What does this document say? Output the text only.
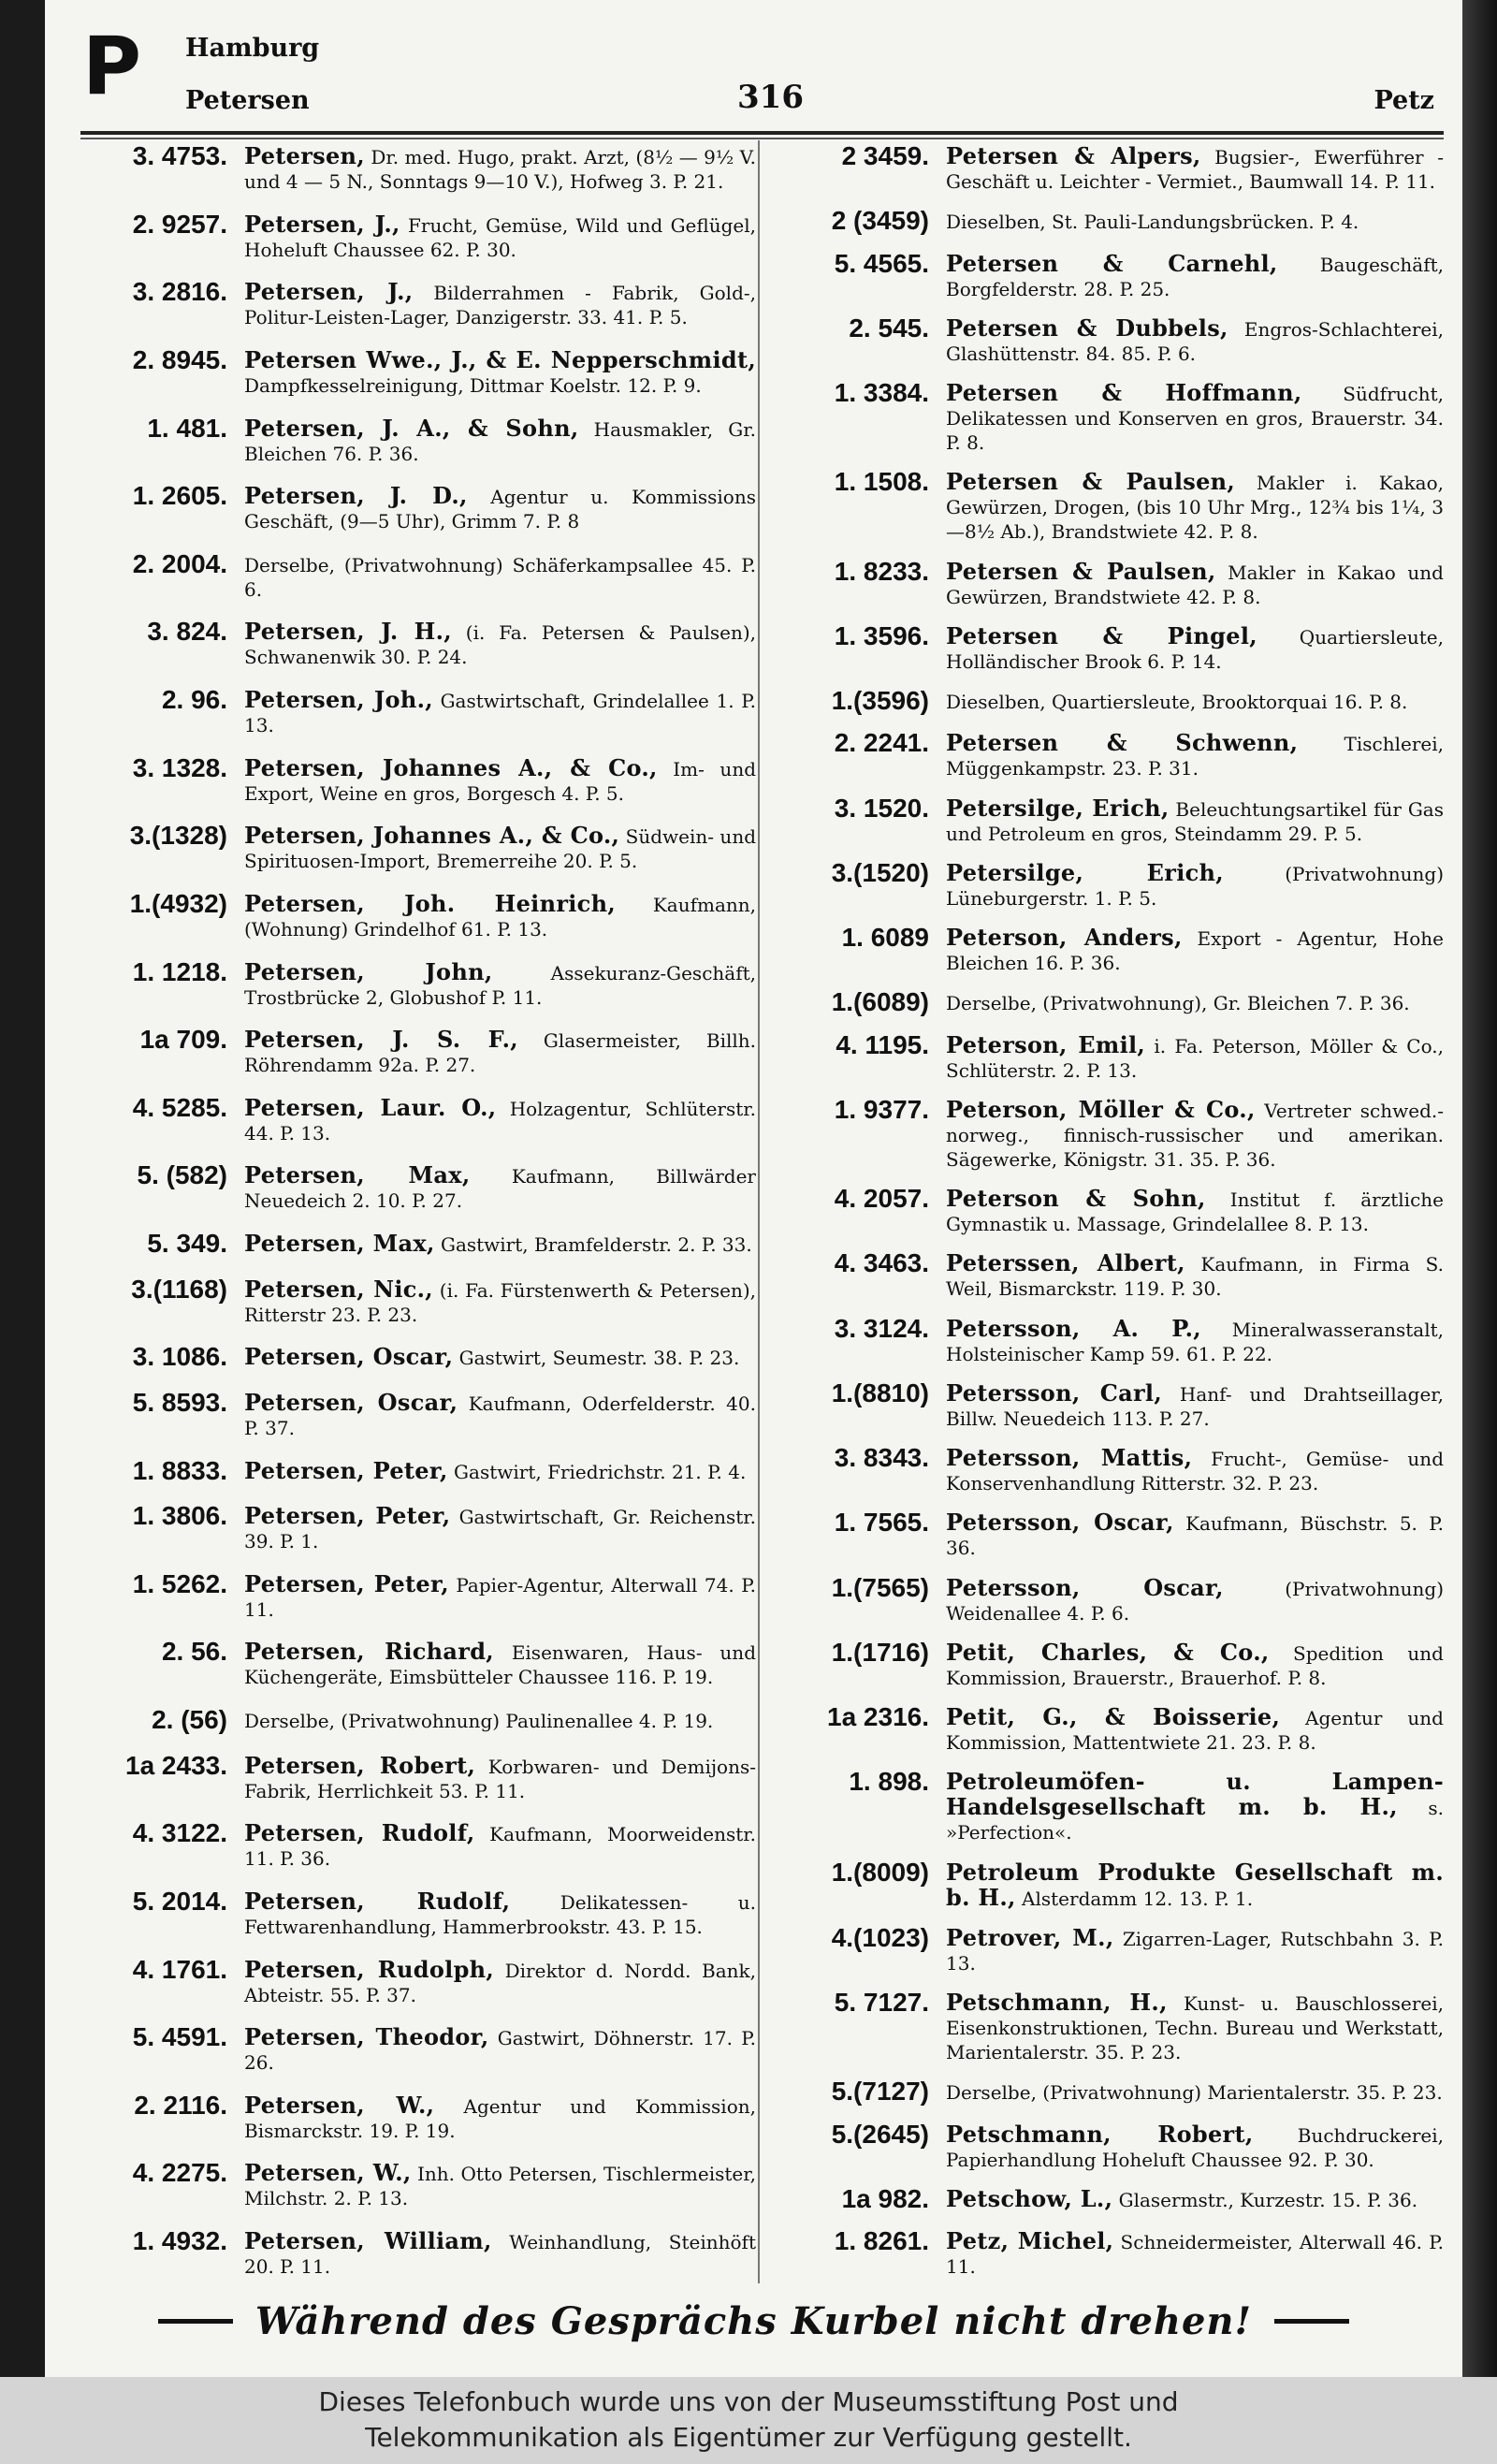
P Hamburg
Petersen	316	Petz
3. 4753. Petersen, Dr. med. Hugo, prakt. Arzt, (8½ — 9½ V. und 4 — 5 N., Sonntags 9—10 V.), Hofweg 3. P. 21.
2. 9257. Petersen, J., Frucht, Gemüse, Wild und Geflügel, Hoheluft Chaussee 62. P. 30.
3. 2816. Petersen, J., Bilderrahmen - Fabrik, Gold-, Politur-Leisten-Lager, Danzigerstr. 33. 41. P. 5.
2. 8945. Petersen Wwe., J., & E. Nepperschmidt, Dampfkesselreinigung, Dittmar Koelstr. 12. P. 9.
1. 481. Petersen, J. A., & Sohn, Hausmakler, Gr. Bleichen 76. P. 36.
1. 2605. Petersen, J. D., Agentur u. Kommissions Geschäft, (9—5 Uhr), Grimm 7. P. 8
2. 2004. Derselbe, (Privatwohnung) Schäferkampsallee 45. P. 6.
3. 824. Petersen, J. H., (i. Fa. Petersen & Paulsen), Schwanenwik 30. P. 24.
2. 96. Petersen, Joh., Gastwirtschaft, Grindelallee 1. P. 13.
3. 1328. Petersen, Johannes A., & Co., Im- und Export, Weine en gros, Borgesch 4. P. 5.
3.(1328) Petersen, Johannes A., & Co., Südwein- und Spirituosen-Import, Bremerreihe 20. P. 5.
1.(4932) Petersen, Joh. Heinrich, Kaufmann, (Wohnung) Grindelhof 61. P. 13.
1. 1218. Petersen, John, Assekuranz-Geschäft, Trostbrücke 2, Globushof P. 11.
1a 709. Petersen, J. S. F., Glasermeister, Billh. Röhrendamm 92a. P. 27.
4. 5285. Petersen, Laur. O., Holzagentur, Schlüterstr. 44. P. 13.
5. (582) Petersen, Max, Kaufmann, Billwärder Neuedeich 2. 10. P. 27.
5. 349. Petersen, Max, Gastwirt, Bramfelderstr. 2. P. 33.
3.(1168) Petersen, Nic., (i. Fa. Fürstenwerth & Petersen), Ritterstr 23. P. 23.
3. 1086. Petersen, Oscar, Gastwirt, Seumestr. 38. P. 23.
5. 8593. Petersen, Oscar, Kaufmann, Oderfelderstr. 40. P. 37.
1. 8833. Petersen, Peter, Gastwirt, Friedrichstr. 21. P. 4.
1. 3806. Petersen, Peter, Gastwirtschaft, Gr. Reichenstr. 39. P. 1.
1. 5262. Petersen, Peter, Papier-Agentur, Alterwall 74. P. 11.
2. 56. Petersen, Richard, Eisenwaren, Haus- und Küchengeräte, Eimsbütteler Chaussee 116. P. 19.
2. (56) Derselbe, (Privatwohnung) Paulinenallee 4. P. 19.
1a 2433. Petersen, Robert, Korbwaren- und Demijons-Fabrik, Herrlichkeit 53. P. 11.
4. 3122. Petersen, Rudolf, Kaufmann, Moorweidenstr. 11. P. 36.
5. 2014. Petersen, Rudolf, Delikatessen- u. Fettwarenhandlung, Hammerbrookstr. 43. P. 15.
4. 1761. Petersen, Rudolph, Direktor d. Nordd. Bank, Abteistr. 55. P. 37.
5. 4591. Petersen, Theodor, Gastwirt, Döhnerstr. 17. P. 26.
2. 2116. Petersen, W., Agentur und Kommission, Bismarckstr. 19. P. 19.
4. 2275. Petersen, W., Inh. Otto Petersen, Tischlermeister, Milchstr. 2. P. 13.
1. 4932. Petersen, William, Weinhandlung, Steinhöft 20. P. 11.
2 3459. Petersen & Alpers, Bugsier-, Ewerführer - Geschäft u. Leichter - Vermiet., Baumwall 14. P. 11.
2 (3459) Dieselben, St. Pauli-Landungsbrücken. P. 4.
5. 4565. Petersen & Carnehl, Baugeschäft, Borgfelderstr. 28. P. 25.
2. 545. Petersen & Dubbels, Engros-Schlachterei, Glashüttenstr. 84. 85. P. 6.
1. 3384. Petersen & Hoffmann, Südfrucht, Delikatessen und Konserven en gros, Brauerstr. 34. P. 8.
1. 1508. Petersen & Paulsen, Makler i. Kakao, Gewürzen, Drogen, (bis 10 Uhr Mrg., 12¾ bis 1¼, 3—8½ Ab.), Brandstwiete 42. P. 8.
1. 8233. Petersen & Paulsen, Makler in Kakao und Gewürzen, Brandstwiete 42. P. 8.
1. 3596. Petersen & Pingel, Quartiersleute, Holländischer Brook 6. P. 14.
1.(3596) Dieselben, Quartiersleute, Brooktorquai 16. P. 8.
2. 2241. Petersen & Schwenn, Tischlerei, Müggenkampstr. 23. P. 31.
3. 1520. Petersilge, Erich, Beleuchtungsartikel für Gas und Petroleum en gros, Steindamm 29. P. 5.
3.(1520) Petersilge, Erich, (Privatwohnung) Lüneburgerstr. 1. P. 5.
1. 6089 Peterson, Anders, Export - Agentur, Hohe Bleichen 16. P. 36.
1.(6089) Derselbe, (Privatwohnung), Gr. Bleichen 7. P. 36.
4. 1195. Peterson, Emil, i. Fa. Peterson, Möller & Co., Schlüterstr. 2. P. 13.
1. 9377. Peterson, Möller & Co., Vertreter schwed.-norweg., finnisch-russischer und amerikan. Sägewerke, Königstr. 31. 35. P. 36.
4. 2057. Peterson & Sohn, Institut f. ärztliche Gymnastik u. Massage, Grindelallee 8. P. 13.
4. 3463. Peterssen, Albert, Kaufmann, in Firma S. Weil, Bismarckstr. 119. P. 30.
3. 3124. Petersson, A. P., Mineralwasseranstalt, Holsteinischer Kamp 59. 61. P. 22.
1.(8810) Petersson, Carl, Hanf- und Drahtseillager, Billw. Neuedeich 113. P. 27.
3. 8343. Petersson, Mattis, Frucht-, Gemüse- und Konservenhandlung Ritterstr. 32. P. 23.
1. 7565. Petersson, Oscar, Kaufmann, Büschstr. 5. P. 36.
1.(7565) Petersson, Oscar, (Privatwohnung) Weidenallee 4. P. 6.
1.(1716) Petit, Charles, & Co., Spedition und Kommission, Brauerstr., Brauerhof. P. 8.
1a 2316. Petit, G., & Boisserie, Agentur und Kommission, Mattentwiete 21. 23. P. 8.
1. 898. Petroleumöfen- u. Lampen-Handelsgesellschaft m. b. H., s. »Perfection«.
1.(8009) Petroleum Produkte Gesellschaft m. b. H., Alsterdamm 12. 13. P. 1.
4.(1023) Petrover, M., Zigarren-Lager, Rutschbahn 3. P. 13.
5. 7127. Petschmann, H., Kunst- u. Bauschlosserei, Eisenkonstruktionen, Techn. Bureau und Werkstatt, Marientalerstr. 35. P. 23.
5.(7127) Derselbe, (Privatwohnung) Marientalerstr. 35. P. 23.
5.(2645) Petschmann, Robert, Buchdruckerei, Papierhandlung Hoheluft Chaussee 92. P. 30.
1a 982. Petschow, L., Glasermstr., Kurzestr. 15. P. 36.
1. 8261. Petz, Michel, Schneidermeister, Alterwall 46. P. 11.
Während des Gesprächs Kurbel nicht drehen!
Dieses Telefonbuch wurde uns von der Museumsstiftung Post und
Telekommunikation als Eigentümer zur Verfügung gestellt.
